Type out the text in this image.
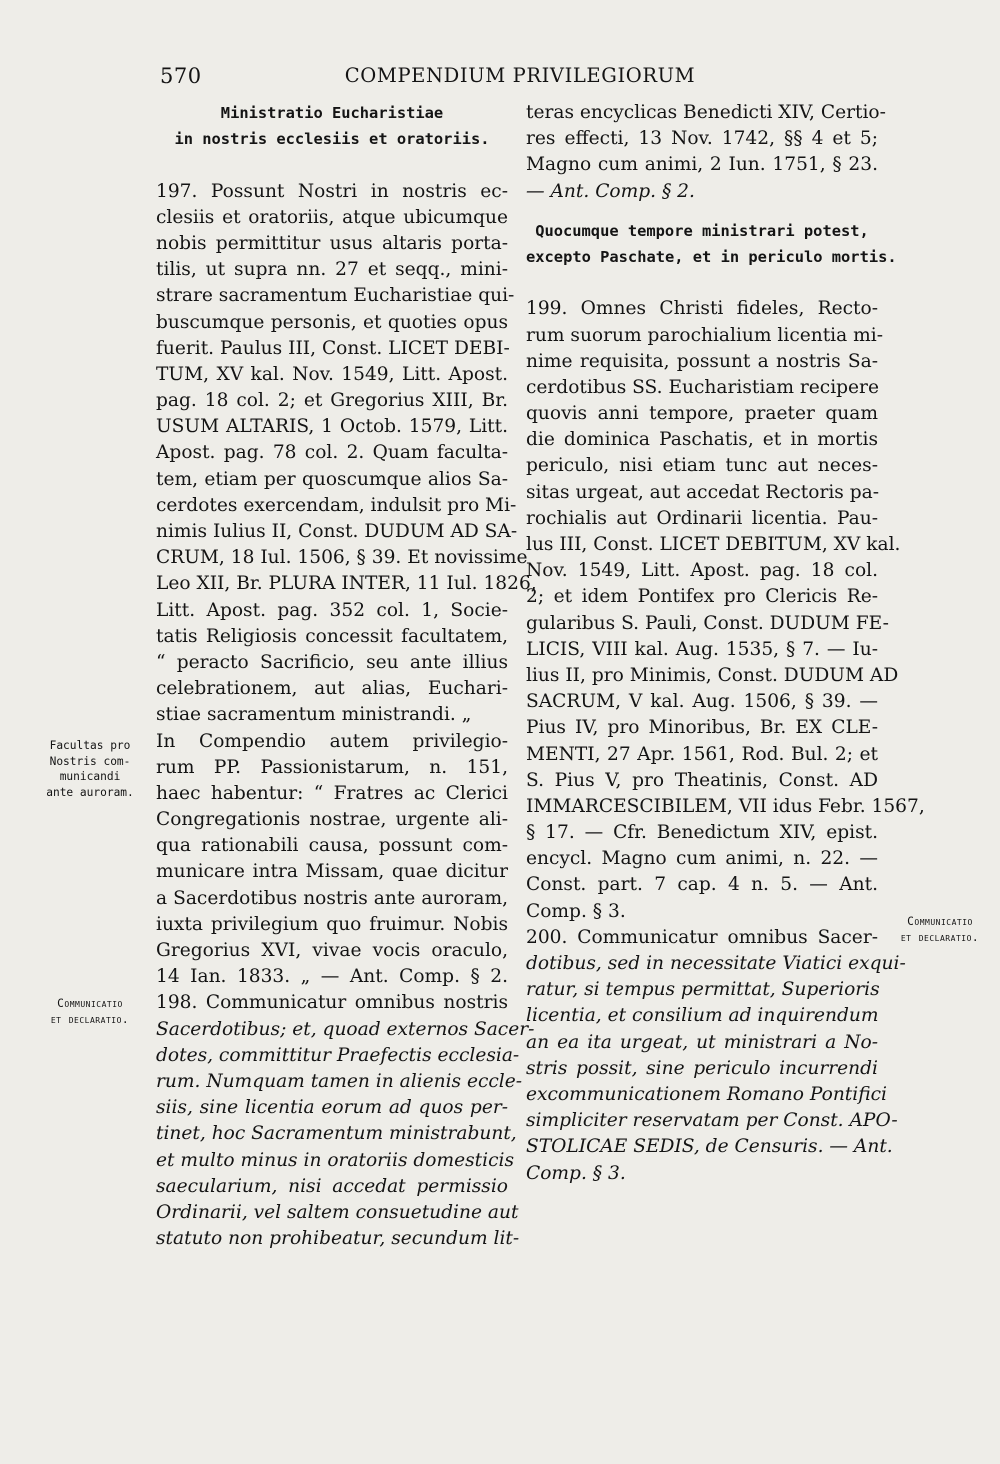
570	COMPENDIUM PRIVILEGIORUM
Ministratio Eucharistiae
in nostris ecclesiis et oratoriis.
197. Possunt Nostri in nostris ec-
clesiis et oratoriis, atque ubicumque
nobis permittitur usus altaris porta-
tilis, ut supra nn. 27 et seqq., mini-
strare sacramentum Eucharistiae qui-
buscumque personis, et quoties opus
fuerit. Paulus III, Const. LICET DEBI-
TUM, XV kal. Nov. 1549, Litt. Apost.
pag. 18 col. 2; et Gregorius XIII, Br.
USUM ALTARIS, 1 Octob. 1579, Litt.
Apost. pag. 78 col. 2. Quam faculta-
tem, etiam per quoscumque alios Sa-
cerdotes exercendam, indulsit pro Mi-
nimis Iulius II, Const. DUDUM AD SA-
CRUM, 18 Iul. 1506, § 39. Et novissime
Leo XII, Br. PLURA INTER, 11 Iul. 1826,
Litt. Apost. pag. 352 col. 1, Socie-
tatis Religiosis concessit facultatem,
“ peracto Sacrificio, seu ante illius
celebrationem, aut alias, Euchari-
stiae sacramentum ministrandi. „
In Compendio autem privilegio-
rum PP. Passionistarum, n. 151,
haec habentur: “ Fratres ac Clerici
Congregationis nostrae, urgente ali-
qua rationabili causa, possunt com-
municare intra Missam, quae dicitur
a Sacerdotibus nostris ante auroram,
iuxta privilegium quo fruimur. Nobis
Gregorius XVI, vivae vocis oraculo,
14 Ian. 1833. „ — Ant. Comp. § 2.
198. Communicatur omnibus nostris
Sacerdotibus; et, quoad externos Sacer-
dotes, committitur Praefectis ecclesia-
rum. Numquam tamen in alienis eccle-
siis, sine licentia eorum ad quos per-
tinet, hoc Sacramentum ministrabunt,
et multo minus in oratoriis domesticis
saecularium, nisi accedat permissio
Ordinarii, vel saltem consuetudine aut
statuto non prohibeatur, secundum lit-
teras encyclicas Benedicti XIV, Certio-
res effecti, 13 Nov. 1742, §§ 4 et 5;
Magno cum animi, 2 Iun. 1751, § 23.
— Ant. Comp. § 2.
Quocumque tempore ministrari potest,
excepto Paschate, et in periculo mortis.
199. Omnes Christi fideles, Recto-
rum suorum parochialium licentia mi-
nime requisita, possunt a nostris Sa-
cerdotibus SS. Eucharistiam recipere
quovis anni tempore, praeter quam
die dominica Paschatis, et in mortis
periculo, nisi etiam tunc aut neces-
sitas urgeat, aut accedat Rectoris pa-
rochialis aut Ordinarii licentia. Pau-
lus III, Const. LICET DEBITUM, XV kal.
Nov. 1549, Litt. Apost. pag. 18 col.
2; et idem Pontifex pro Clericis Re-
gularibus S. Pauli, Const. DUDUM FE-
LICIS, VIII kal. Aug. 1535, § 7. — Iu-
lius II, pro Minimis, Const. DUDUM AD
SACRUM, V kal. Aug. 1506, § 39. —
Pius IV, pro Minoribus, Br. EX CLE-
MENTI, 27 Apr. 1561, Rod. Bul. 2; et
S. Pius V, pro Theatinis, Const. AD
IMMARCESCIBILEM, VII idus Febr. 1567,
§ 17. — Cfr. Benedictum XIV, epist.
encycl. Magno cum animi, n. 22. —
Const. part. 7 cap. 4 n. 5. — Ant.
Comp. § 3.
200. Communicatur omnibus Sacer-
dotibus, sed in necessitate Viatici exqui-
ratur, si tempus permittat, Superioris
licentia, et consilium ad inquirendum
an ea ita urgeat, ut ministrari a No-
stris possit, sine periculo incurrendi
excommunicationem Romano Pontifici
simpliciter reservatam per Const. APO-
STOLICAE SEDIS, de Censuris. — Ant.
Comp. § 3.
Facultas pro
Nostris com-
municandi
ante auroram.
Communicatio
et declaratio.
Communicatio
et declaratio.
